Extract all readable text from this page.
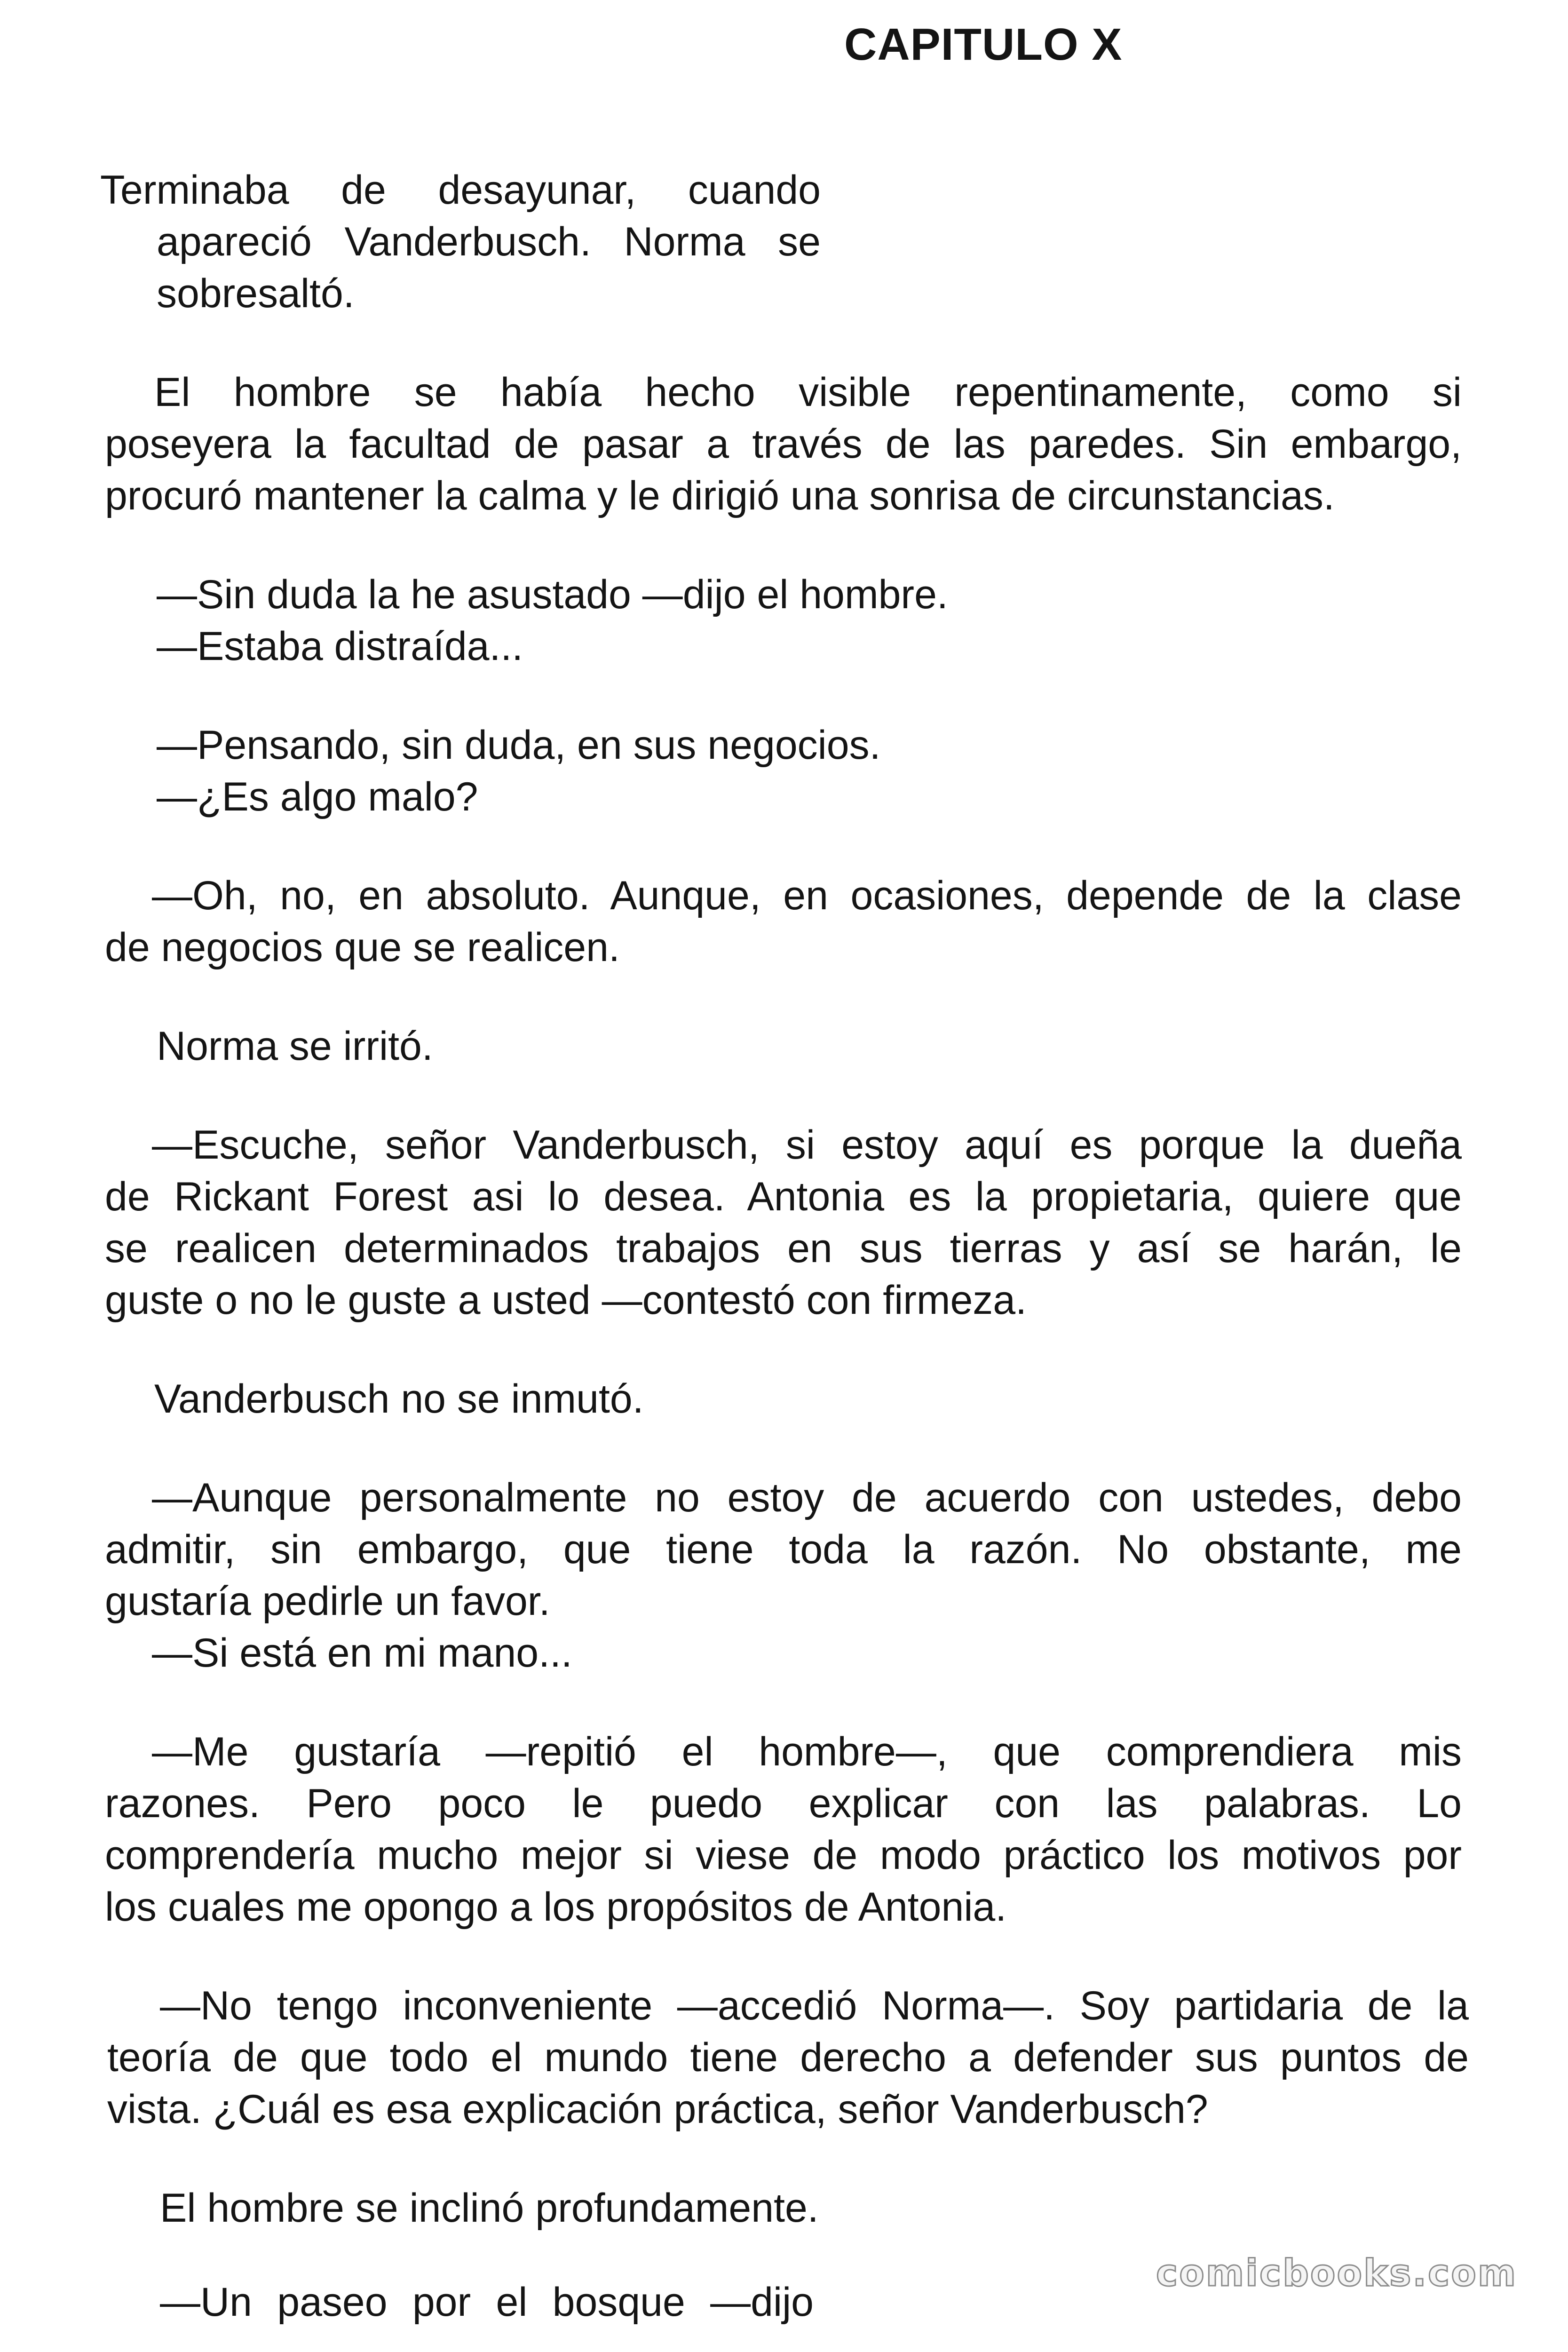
CAPITULO X
Terminaba de desayunar, cuando
apareció Vanderbusch. Norma se
sobresaltó.
El hombre se había hecho visible repentinamente, como si
poseyera la facultad de pasar a través de las paredes. Sin embargo,
procuró mantener la calma y le dirigió una sonrisa de circunstancias.
—Sin duda la he asustado —dijo el hombre.
—Estaba distraída...
—Pensando, sin duda, en sus negocios.
—¿Es algo malo?
—Oh, no, en absoluto. Aunque, en ocasiones, depende de la clase
de negocios que se realicen.
Norma se irritó.
—Escuche, señor Vanderbusch, si estoy aquí es porque la dueña
de Rickant Forest asi lo desea. Antonia es la propietaria, quiere que
se realicen determinados trabajos en sus tierras y así se harán, le
guste o no le guste a usted —contestó con firmeza.
Vanderbusch no se inmutó.
—Aunque personalmente no estoy de acuerdo con ustedes, debo
admitir, sin embargo, que tiene toda la razón. No obstante, me
gustaría pedirle un favor.
—Si está en mi mano...
—Me gustaría —repitió el hombre—, que comprendiera mis
razones. Pero poco le puedo explicar con las palabras. Lo
comprendería mucho mejor si viese de modo práctico los motivos por
los cuales me opongo a los propósitos de Antonia.
—No tengo inconveniente —accedió Norma—. Soy partidaria de la
teoría de que todo el mundo tiene derecho a defender sus puntos de
vista. ¿Cuál es esa explicación práctica, señor Vanderbusch?
El hombre se inclinó profundamente.
—Un paseo por el bosque —dijo
comicbooks.com
